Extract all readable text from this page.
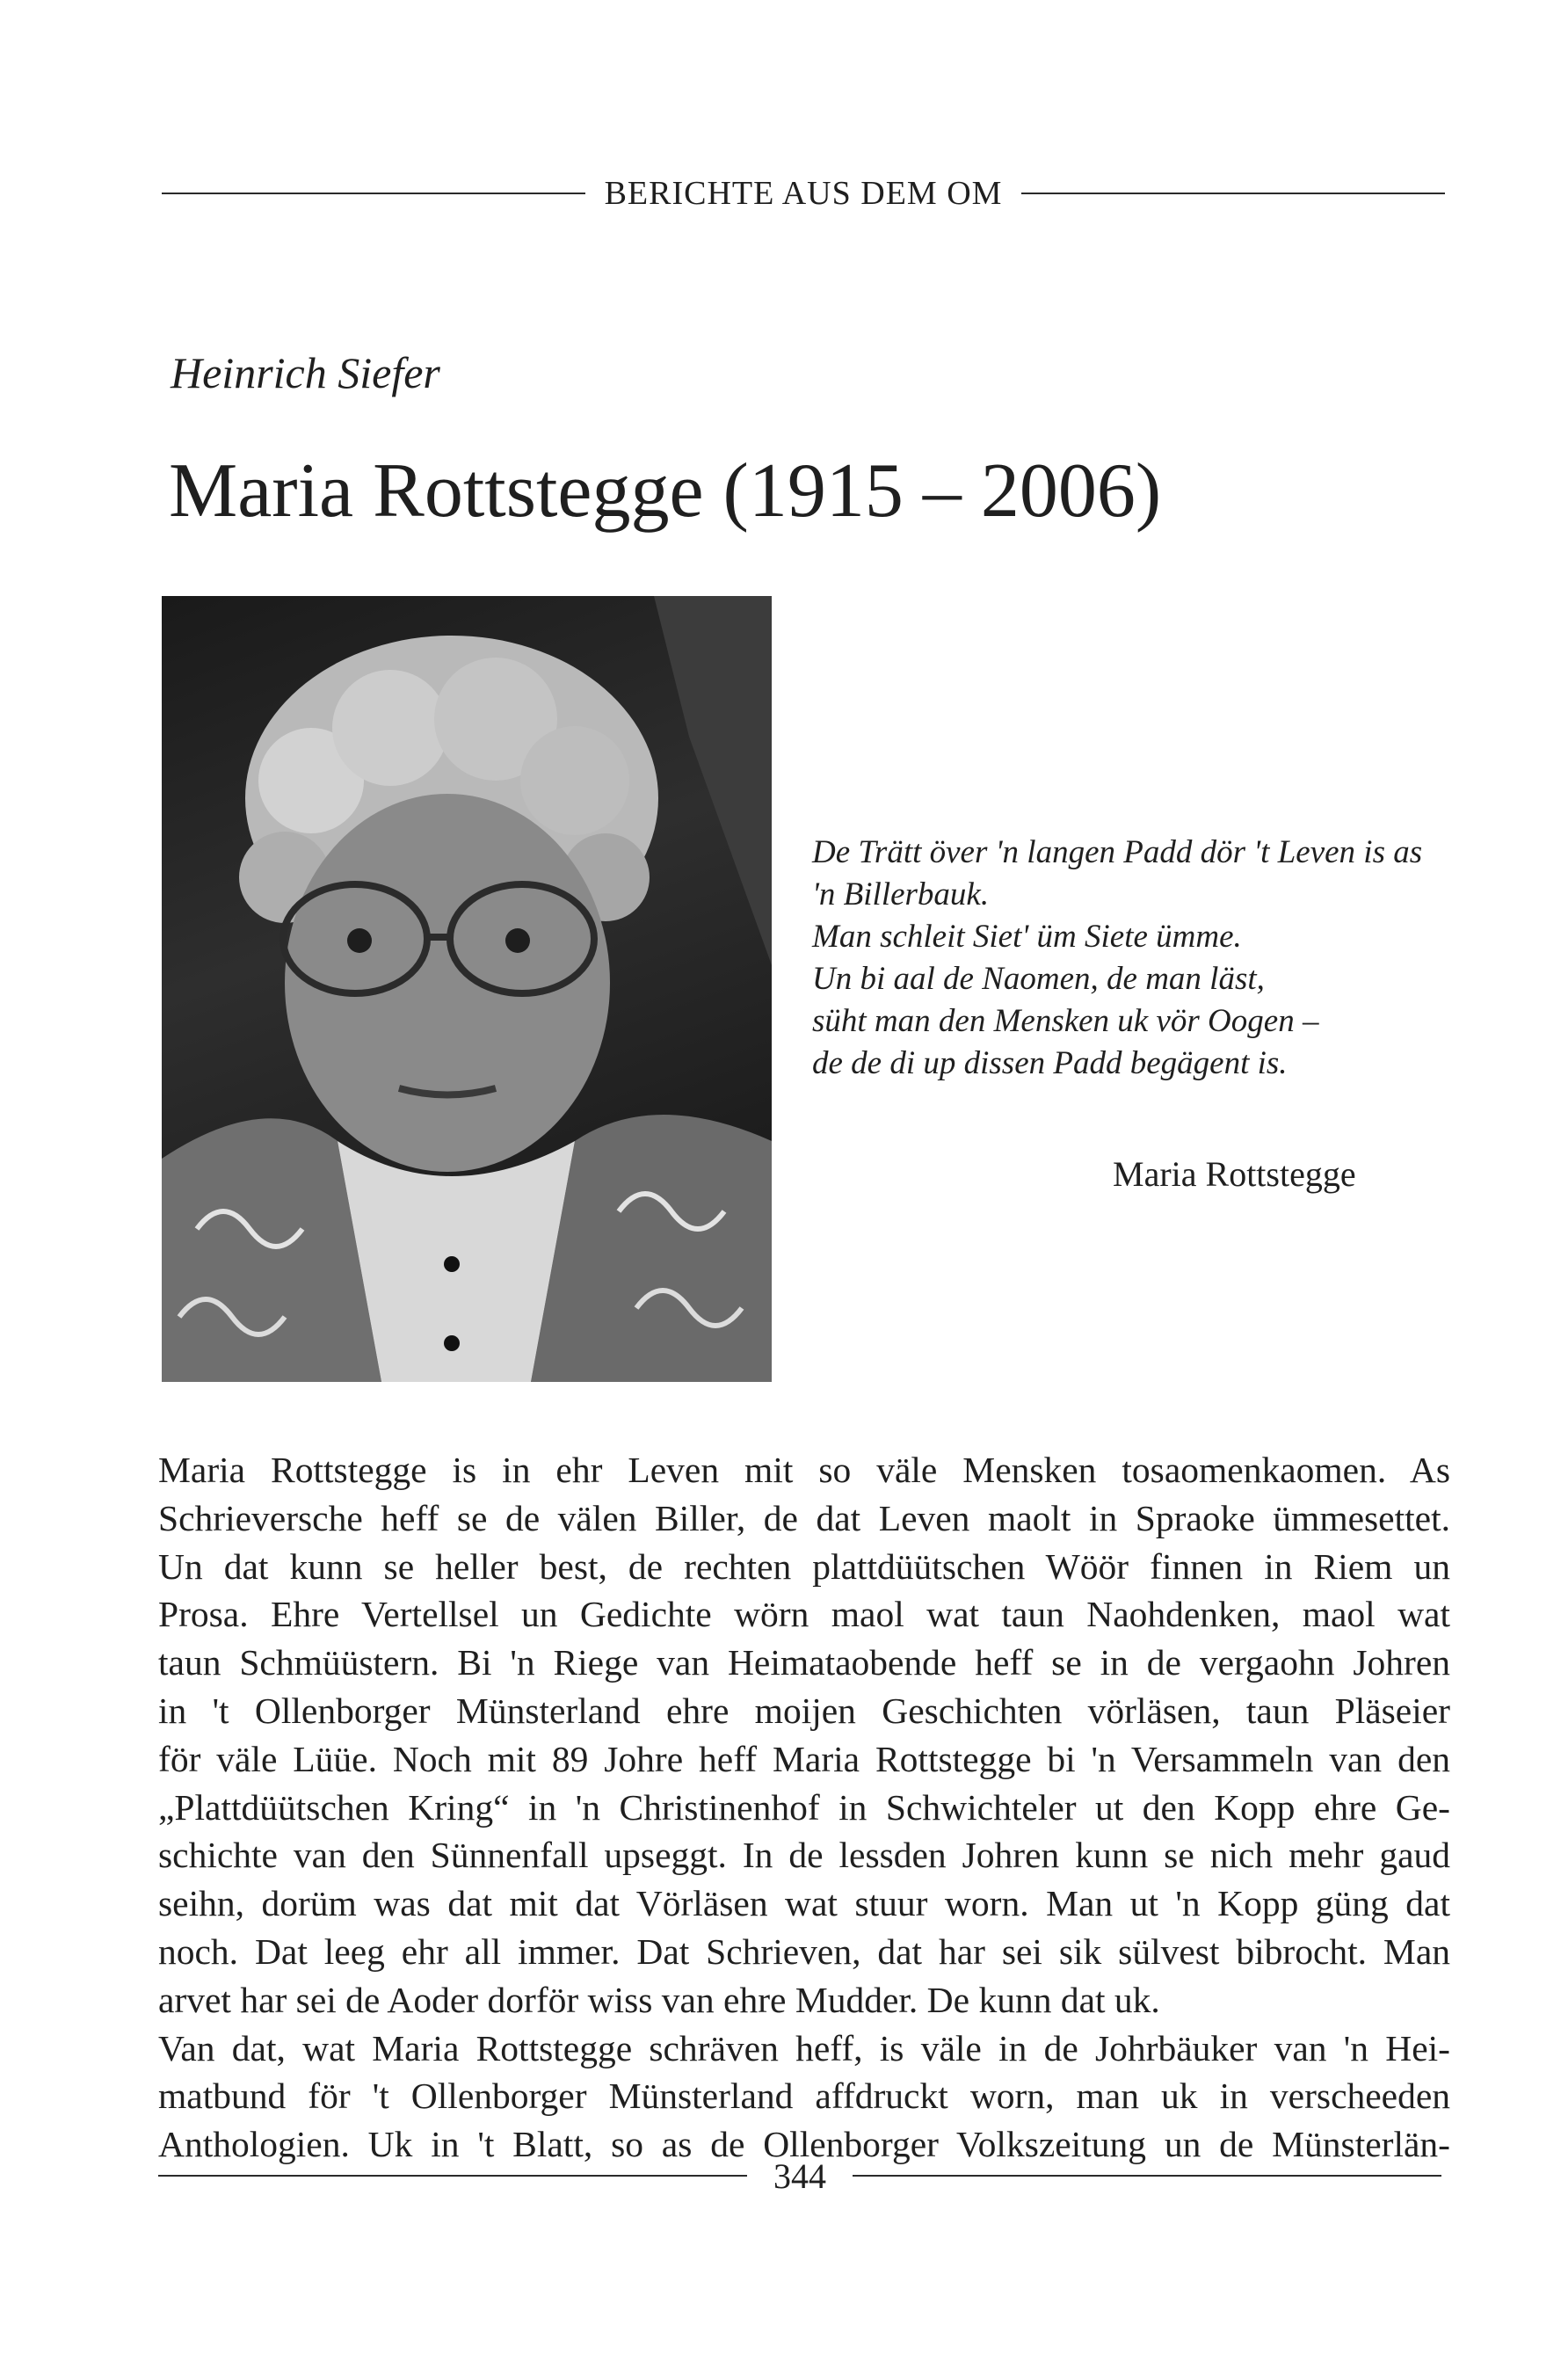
BERICHTE AUS DEM OM
Heinrich Siefer
Maria Rottstegge (1915 – 2006)
De Trätt över 'n langen Padd dör 't Leven is as
'n Billerbauk.
Man schleit Siet' üm Siete ümme.
Un bi aal de Naomen, de man läst,
süht man den Mensken uk vör Oogen –
de de di up dissen Padd begägent is.
Maria Rottstegge
Maria Rottstegge is in ehr Leven mit so väle Mensken tosaomenkaomen. As
Schrieversche heff se de välen Biller, de dat Leven maolt in Spraoke ümmesettet.
Un dat kunn se heller best, de rechten plattdüütschen Wöör finnen in Riem un
Prosa. Ehre Vertellsel un Gedichte wörn maol wat taun Naohdenken, maol wat
taun Schmüüstern. Bi 'n Riege van Heimataobende heff se in de vergaohn Johren
in 't Ollenborger Münsterland ehre moijen Geschichten vörläsen, taun Pläseier
för väle Lüüe. Noch mit 89 Johre heff Maria Rottstegge bi 'n Versammeln van den
„Plattdüütschen Kring“ in 'n Christinenhof in Schwichteler ut den Kopp ehre Ge-
schichte van den Sünnenfall upseggt. In de lessden Johren kunn se nich mehr gaud
seihn, dorüm was dat mit dat Vörläsen wat stuur worn. Man ut 'n Kopp güng dat
noch. Dat leeg ehr all immer. Dat Schrieven, dat har sei sik sülvest bibrocht. Man
arvet har sei de Aoder dorför wiss van ehre Mudder. De kunn dat uk.
Van dat, wat Maria Rottstegge schräven heff, is väle in de Johrbäuker van 'n Hei-
matbund för 't Ollenborger Münsterland affdruckt worn, man uk in verscheeden
Anthologien. Uk in 't Blatt, so as de Ollenborger Volkszeitung un de Münsterlän-
344
